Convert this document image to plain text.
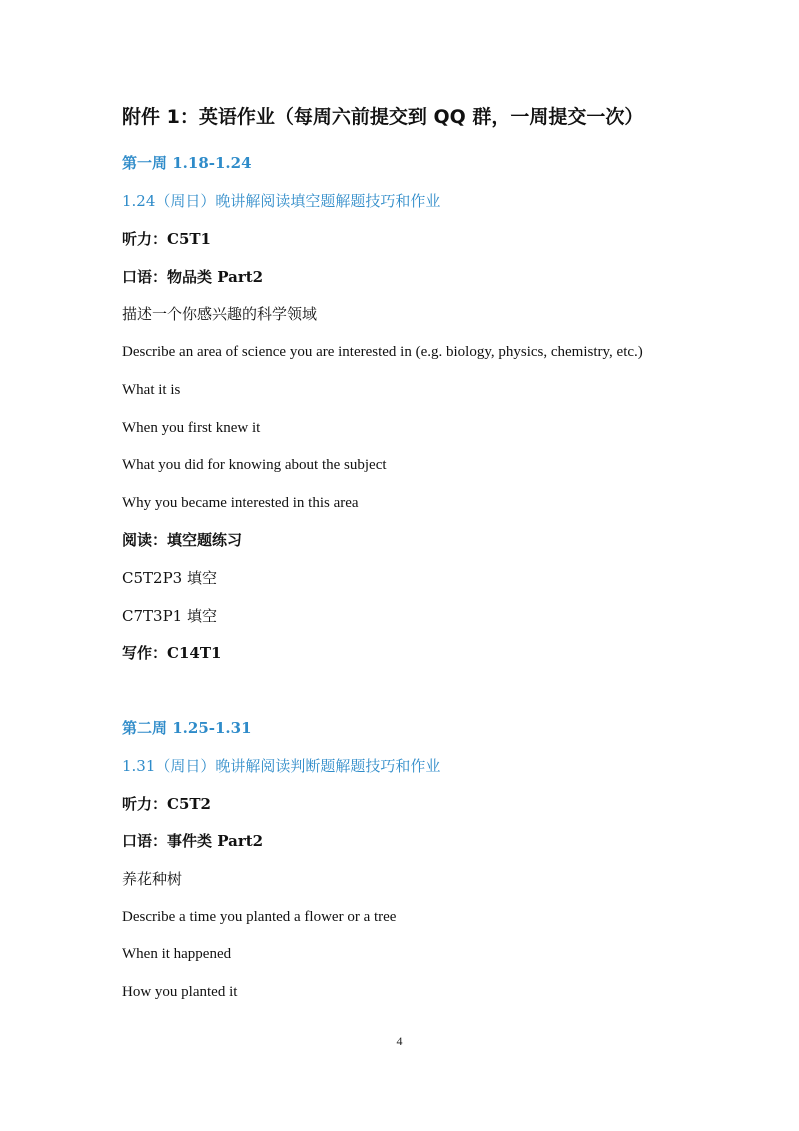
附件 1：英语作业（每周六前提交到 QQ 群，一周提交一次）
第一周 1.18-1.24
1.24（周日）晚讲解阅读填空题解题技巧和作业
听力：C5T1
口语：物品类 Part2
描述一个你感兴趣的科学领域
Describe an area of science you are interested in (e.g. biology, physics, chemistry, etc.)
What it is
When you first knew it
What you did for knowing about the subject
Why you became interested in this area
阅读：填空题练习
C5T2P3 填空
C7T3P1 填空
写作：C14T1
第二周 1.25-1.31
1.31（周日）晚讲解阅读判断题解题技巧和作业
听力：C5T2
口语：事件类 Part2
养花种树
Describe a time you planted a flower or a tree
When it happened
How you planted it
4
